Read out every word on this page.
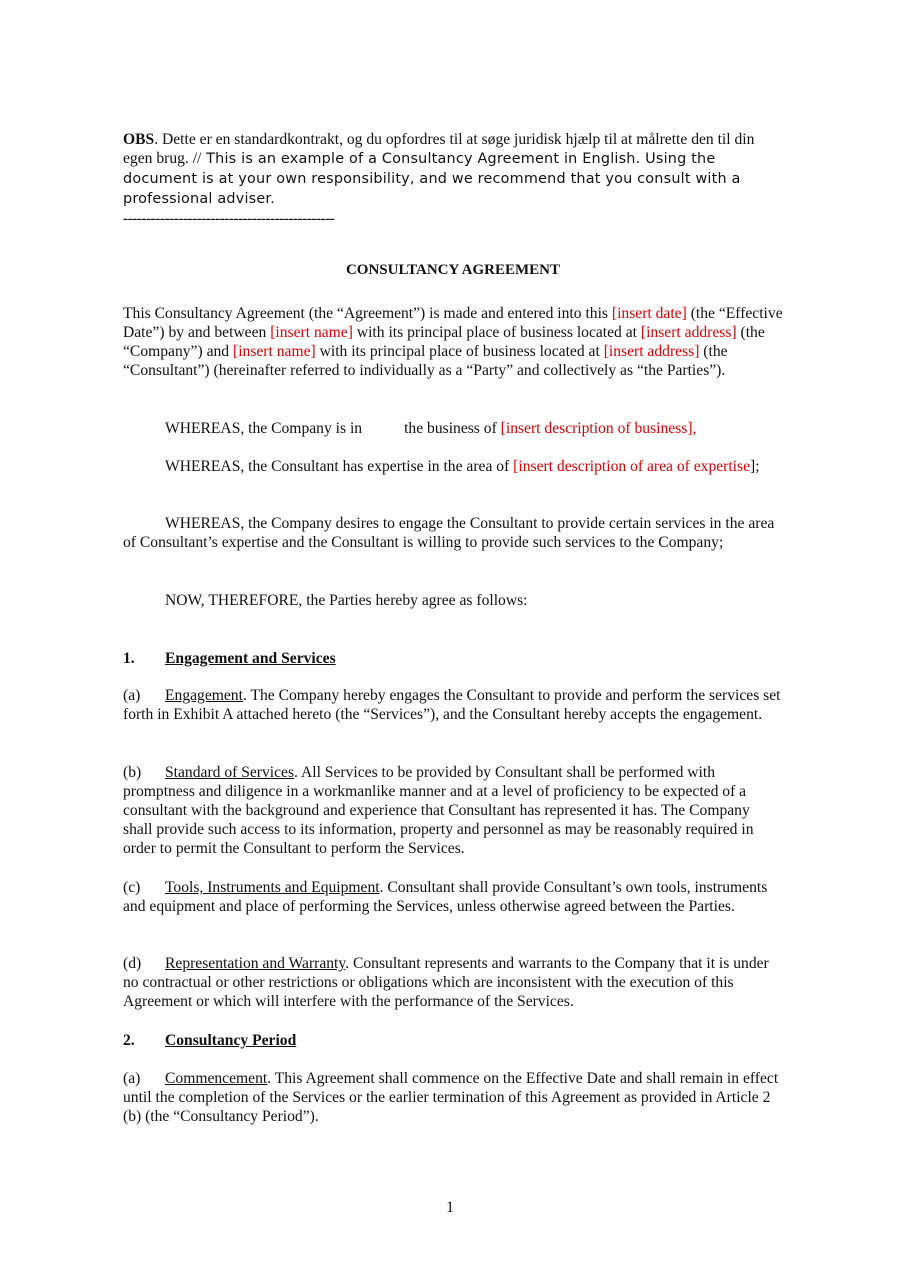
OBS. Dette er en standardkontrakt, og du opfordres til at søge juridisk hjælp til at målrette den til din egen brug. // This is an example of a Consultancy Agreement in English. Using the document is at your own responsibility, and we recommend that you consult with a professional adviser.
----------------------------------------------
CONSULTANCY AGREEMENT
This Consultancy Agreement (the “Agreement”) is made and entered into this [insert date] (the “Effective Date”) by and between [insert name] with its principal place of business located at [insert address] (the “Company”) and [insert name] with its principal place of business located at [insert address] (the “Consultant”) (hereinafter referred to individually as a “Party” and collectively as “the Parties”).
WHEREAS, the Company is in	the business of [insert description of business],
WHEREAS, the Consultant has expertise in the area of [insert description of area of expertise];
WHEREAS, the Company desires to engage the Consultant to provide certain services in the area of Consultant’s expertise and the Consultant is willing to provide such services to the Company;
NOW, THEREFORE, the Parties hereby agree as follows:
1. Engagement and Services
(a) Engagement. The Company hereby engages the Consultant to provide and perform the services set forth in Exhibit A attached hereto (the “Services”), and the Consultant hereby accepts the engagement.
(b) Standard of Services. All Services to be provided by Consultant shall be performed with promptness and diligence in a workmanlike manner and at a level of proficiency to be expected of a consultant with the background and experience that Consultant has represented it has. The Company shall provide such access to its information, property and personnel as may be reasonably required in order to permit the Consultant to perform the Services.
(c) Tools, Instruments and Equipment. Consultant shall provide Consultant’s own tools, instruments and equipment and place of performing the Services, unless otherwise agreed between the Parties.
(d) Representation and Warranty. Consultant represents and warrants to the Company that it is under no contractual or other restrictions or obligations which are inconsistent with the execution of this Agreement or which will interfere with the performance of the Services.
2. Consultancy Period
(a) Commencement. This Agreement shall commence on the Effective Date and shall remain in effect until the completion of the Services or the earlier termination of this Agreement as provided in Article 2 (b) (the “Consultancy Period”).
1
